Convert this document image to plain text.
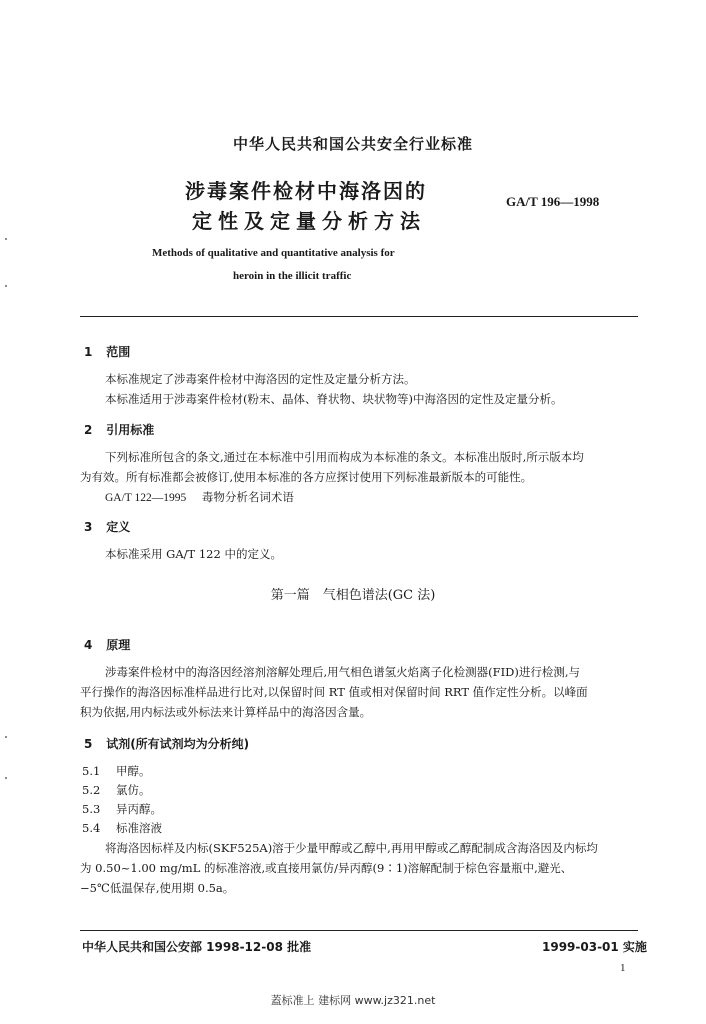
中华人民共和国公共安全行业标准
涉毒案件检材中海洛因的
定性及定量分析方法
GA/T 196—1998
Methods of qualitative and quantitative analysis for
heroin in the illicit traffic
1 范围
本标准规定了涉毒案件检材中海洛因的定性及定量分析方法。
本标准适用于涉毒案件检材(粉末、晶体、脊状物、块状物等)中海洛因的定性及定量分析。
2 引用标准
下列标准所包含的条文,通过在本标准中引用而构成为本标准的条文。本标准出版时,所示版本均
为有效。所有标准都会被修订,使用本标准的各方应探讨使用下列标准最新版本的可能性。
GA/T 122—1995 毒物分析名词术语
3 定义
本标准采用 GA/T 122 中的定义。
第一篇　气相色谱法(GC 法)
4 原理
涉毒案件检材中的海洛因经溶剂溶解处理后,用气相色谱氢火焰离子化检测器(FID)进行检测,与
平行操作的海洛因标准样品进行比对,以保留时间 RT 值或相对保留时间 RRT 值作定性分析。以峰面
积为依据,用内标法或外标法来计算样品中的海洛因含量。
5 试剂(所有试剂均为分析纯)
5.1 甲醇。
5.2 氯仿。
5.3 异丙醇。
5.4 标准溶液
将海洛因标样及内标(SKF525A)溶于少量甲醇或乙醇中,再用甲醇或乙醇配制成含海洛因及内标均
为 0.50~1.00 mg/mL 的标准溶液,或直接用氯仿/异丙醇(9∶1)溶解配制于棕色容量瓶中,避光、
−5℃低温保存,使用期 0.5a。
中华人民共和国公安部 1998-12-08 批准	1999-03-01 实施
1
蓋标准上 建标网 www.jz321.net
